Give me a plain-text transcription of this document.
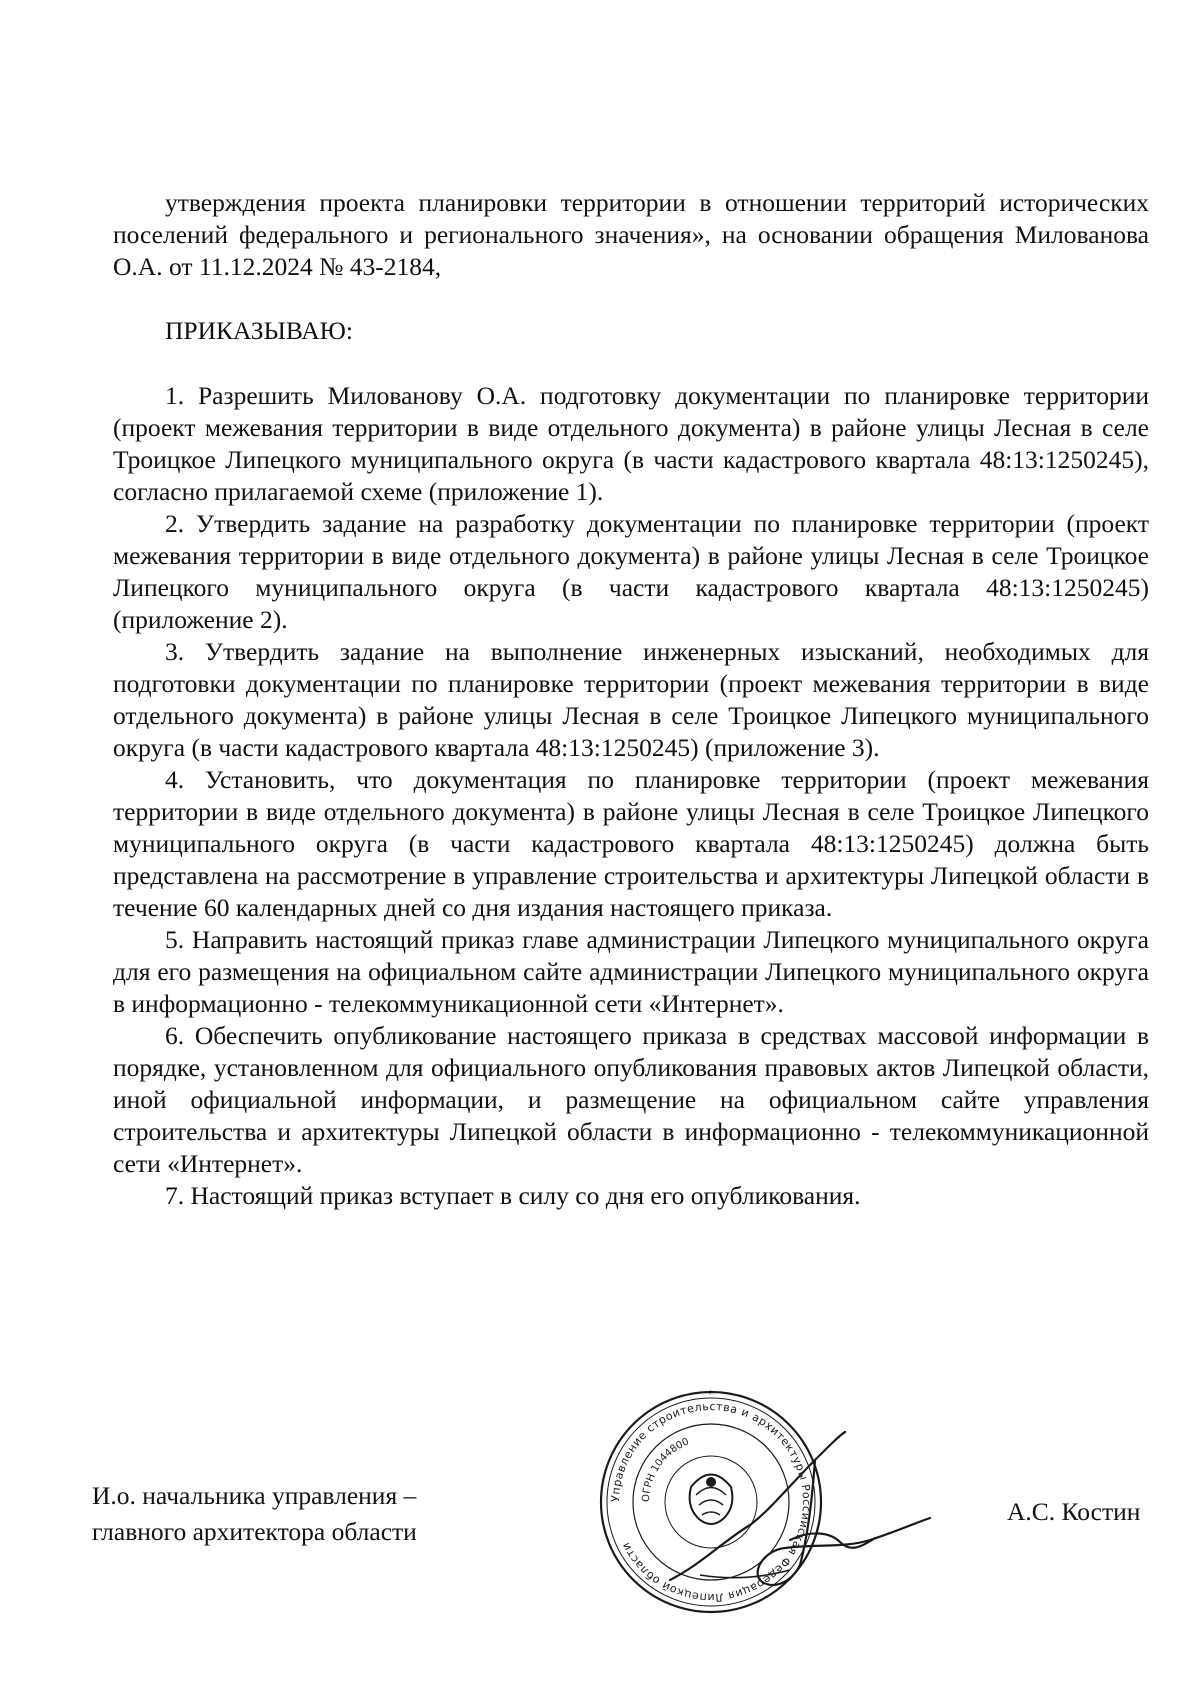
утверждения проекта планировки территории в отношении территорий исторических поселений федерального и регионального значения», на основании обращения Милованова О.А. от 11.12.2024 № 43-2184,

ПРИКАЗЫВАЮ:

1. Разрешить Милованову О.А. подготовку документации по планировке территории (проект межевания территории в виде отдельного документа) в районе улицы Лесная в селе Троицкое Липецкого муниципального округа (в части кадастрового квартала 48:13:1250245), согласно прилагаемой схеме (приложение 1).

2. Утвердить задание на разработку документации по планировке территории (проект межевания территории в виде отдельного документа) в районе улицы Лесная в селе Троицкое Липецкого муниципального округа (в части кадастрового квартала 48:13:1250245) (приложение 2).

3. Утвердить задание на выполнение инженерных изысканий, необходимых для подготовки документации по планировке территории (проект межевания территории в виде отдельного документа) в районе улицы Лесная в селе Троицкое Липецкого муниципального округа (в части кадастрового квартала 48:13:1250245) (приложение 3).

4. Установить, что документация по планировке территории (проект межевания территории в виде отдельного документа) в районе улицы Лесная в селе Троицкое Липецкого муниципального округа (в части кадастрового квартала 48:13:1250245) должна быть представлена на рассмотрение в управление строительства и архитектуры Липецкой области в течение 60 календарных дней со дня издания настоящего приказа.

5. Направить настоящий приказ главе администрации Липецкого муниципального округа для его размещения на официальном сайте администрации Липецкого муниципального округа в информационно - телекоммуникационной сети «Интернет».

6. Обеспечить опубликование настоящего приказа в средствах массовой информации в порядке, установленном для официального опубликования правовых актов Липецкой области, иной официальной информации, и размещение на официальном сайте управления строительства и архитектуры Липецкой области в информационно - телекоммуникационной сети «Интернет».

7. Настоящий приказ вступает в силу со дня его опубликования.

И.о. начальника управления –
главного архитектора области

Управление строительства и архитектуры Российская Федерация Липецкой области
ОГРН 1044800
*

А.С. Костин
